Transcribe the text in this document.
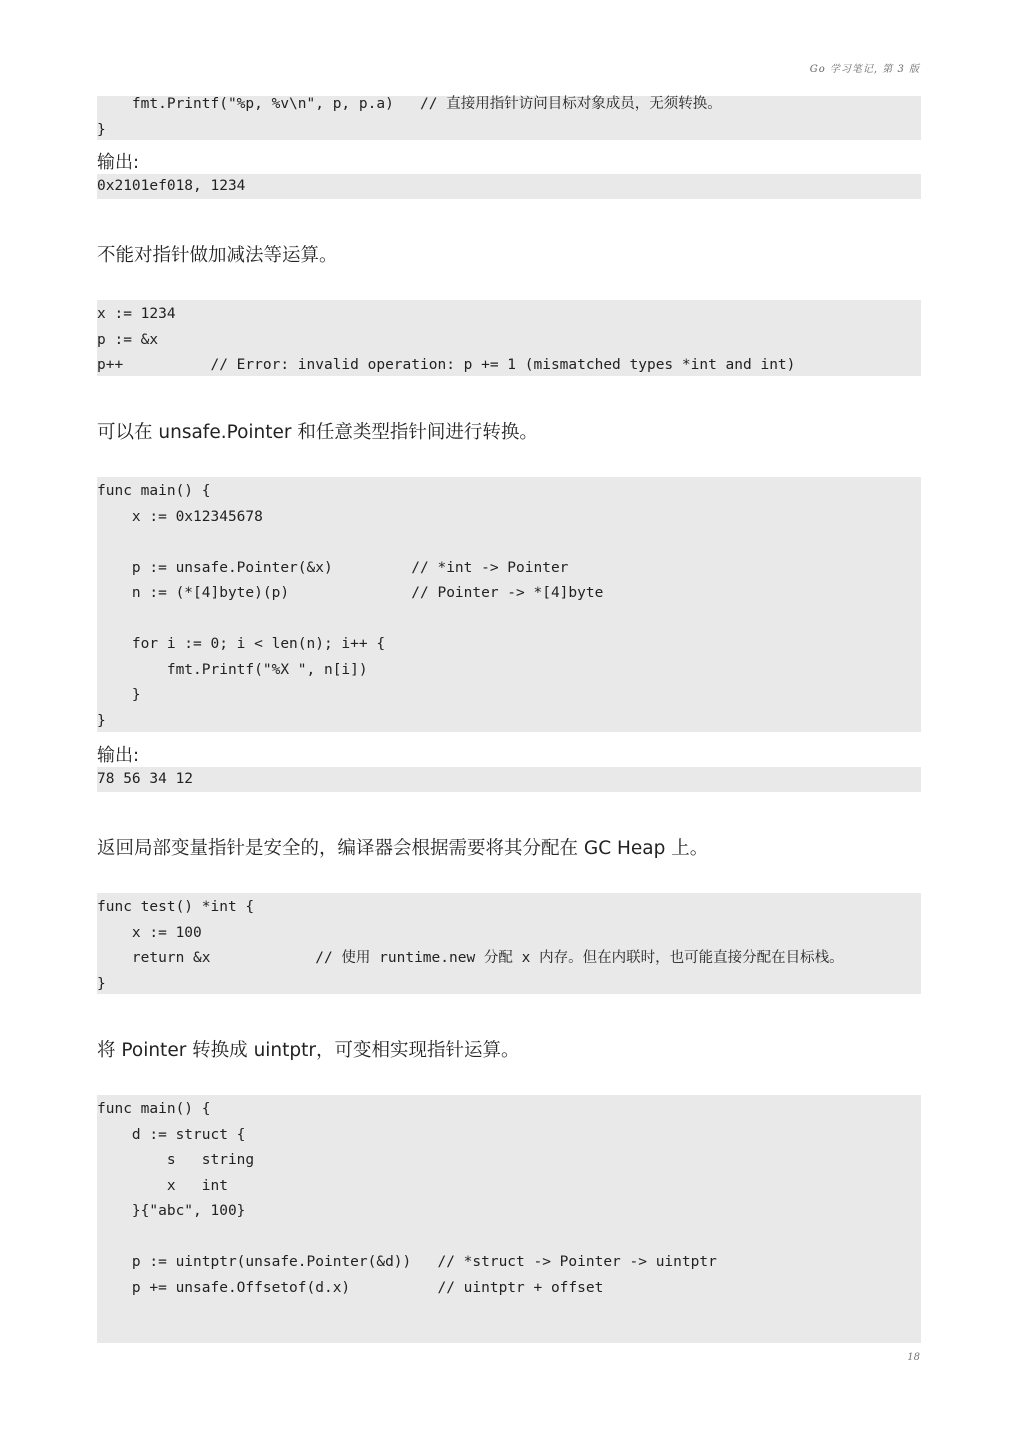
Go 学习笔记, 第 3 版
fmt.Printf("%p, %v\n", p, p.a)   // 直接用指针访问目标对象成员，无须转换。
}
输出:
0x2101ef018, 1234
不能对指针做加减法等运算。
x := 1234
p := &x
p++          // Error: invalid operation: p += 1 (mismatched types *int and int)
可以在 unsafe.Pointer 和任意类型指针间进行转换。
func main() {
x := 0x12345678

p := unsafe.Pointer(&x)         // *int -> Pointer
n := (*[4]byte)(p)              // Pointer -> *[4]byte

for i := 0; i < len(n); i++ {
fmt.Printf("%X ", n[i])
}
}
输出:
78 56 34 12
返回局部变量指针是安全的，编译器会根据需要将其分配在 GC Heap 上。
func test() *int {
x := 100
return &x            // 使用 runtime.new 分配 x 内存。但在内联时，也可能直接分配在目标栈。
}
将 Pointer 转换成 uintptr，可变相实现指针运算。
func main() {
d := struct {
s   string
x   int
}{"abc", 100}

p := uintptr(unsafe.Pointer(&d))   // *struct -> Pointer -> uintptr
p += unsafe.Offsetof(d.x)          // uintptr + offset

18
